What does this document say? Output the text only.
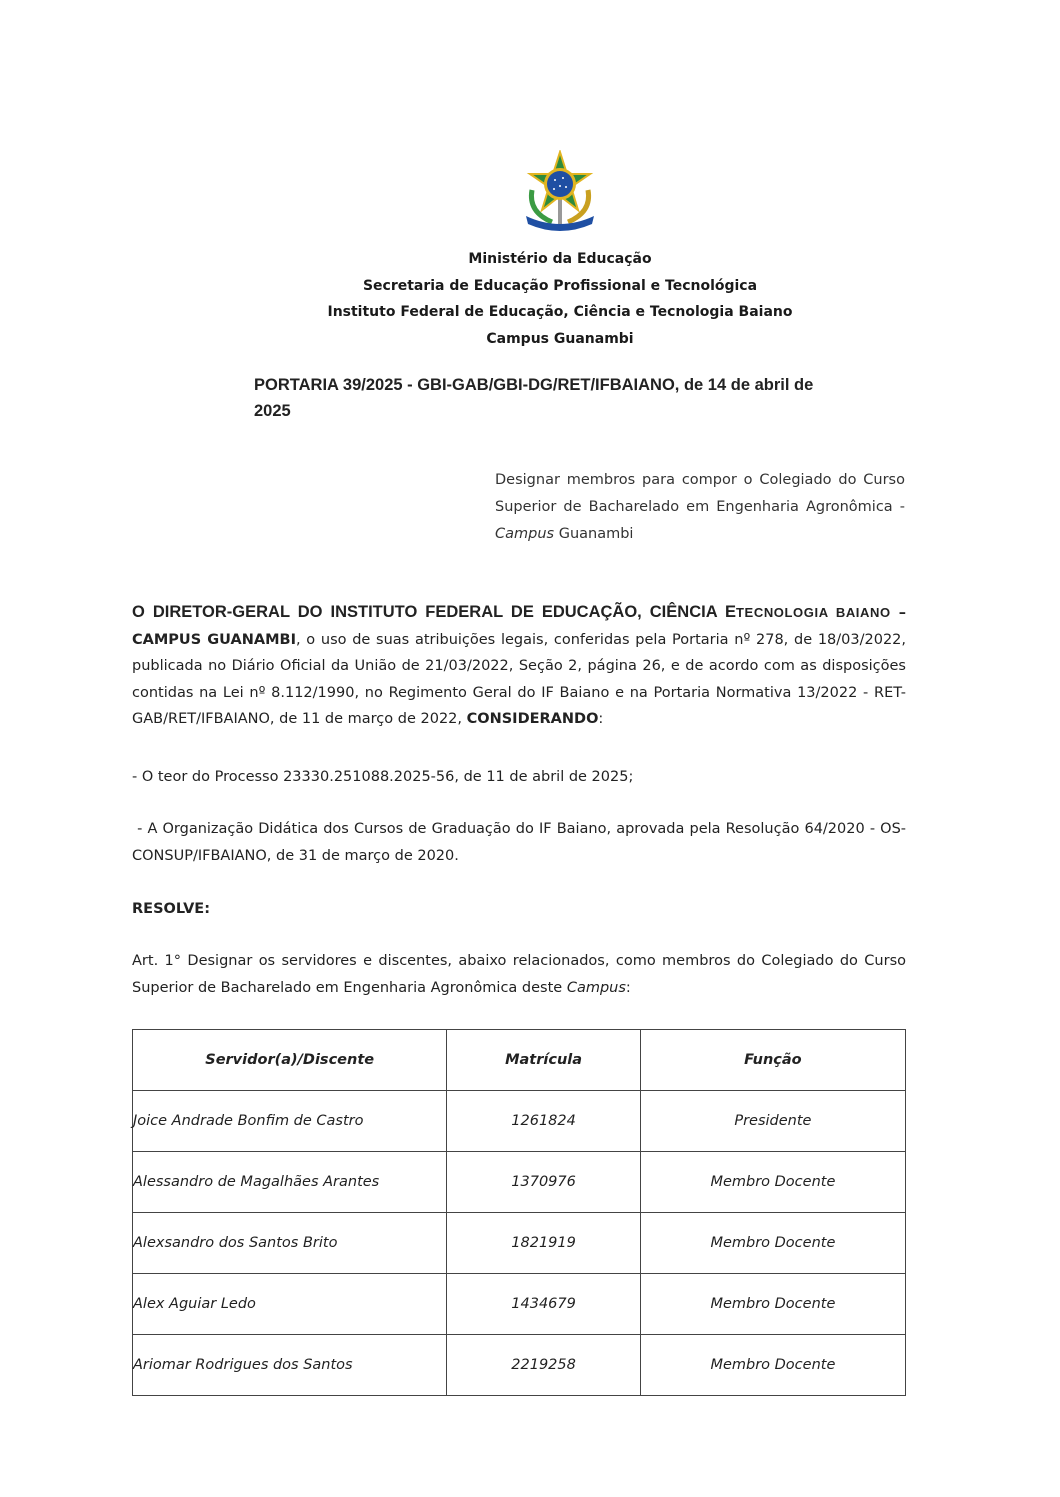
Ministério da Educação
Secretaria de Educação Profissional e Tecnológica
Instituto Federal de Educação, Ciência e Tecnologia Baiano
Campus Guanambi
PORTARIA 39/2025 - GBI-GAB/GBI-DG/RET/IFBAIANO, de 14 de abril de
2025
Designar membros para compor o Colegiado do Curso
Superior de Bacharelado em Engenharia Agronômica -
Campus Guanambi
O DIRETOR-GERAL DO INSTITUTO FEDERAL DE EDUCAÇÃO, CIÊNCIA ETECNOLOGIA BAIANO – CAMPUS GUANAMBI, o uso de suas atribuições legais, conferidas pela Portaria nº 278, de 18/03/2022, publicada no Diário Oficial da União de 21/03/2022, Seção 2, página 26, e de acordo com as disposições contidas na Lei nº 8.112/1990, no Regimento Geral do IF Baiano e na Portaria Normativa 13/2022 - RET-GAB/RET/IFBAIANO, de 11 de março de 2022, CONSIDERANDO:
- O teor do Processo 23330.251088.2025-56, de 11 de abril de 2025;
- A Organização Didática dos Cursos de Graduação do IF Baiano, aprovada pela Resolução 64/2020 - OS-CONSUP/IFBAIANO, de 31 de março de 2020.
RESOLVE:
Art. 1° Designar os servidores e discentes, abaixo relacionados, como membros do Colegiado do Curso Superior de Bacharelado em Engenharia Agronômica deste Campus:
Servidor(a)/Discente	Matrícula	Função
Joice Andrade Bonfim de Castro	1261824	Presidente
Alessandro de Magalhães Arantes	1370976	Membro Docente
Alexsandro dos Santos Brito	1821919	Membro Docente
Alex Aguiar Ledo	1434679	Membro Docente
Ariomar Rodrigues dos Santos	2219258	Membro Docente
